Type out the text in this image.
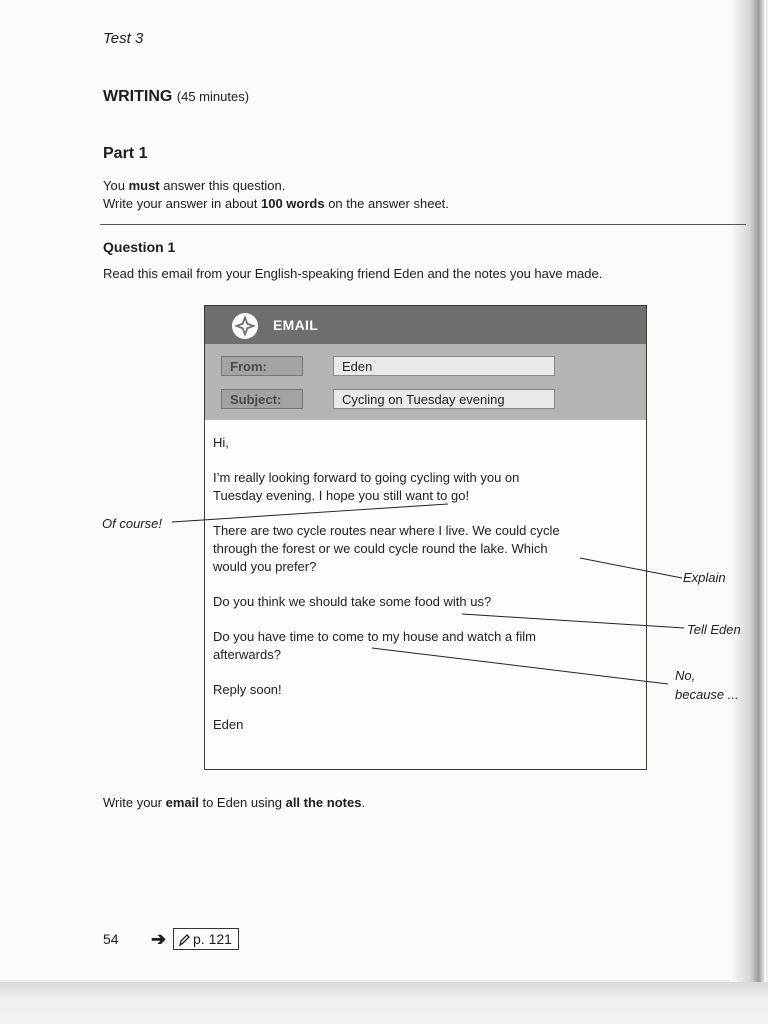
Test 3

WRITING (45 minutes)

Part 1

You must answer this question.
Write your answer in about 100 words on the answer sheet.

Question 1

Read this email from your English-speaking friend Eden and the notes you have made.

EMAIL
From:	Eden
Subject:	Cycling on Tuesday evening

Hi,

I’m really looking forward to going cycling with you on
Tuesday evening. I hope you still want to go!

There are two cycle routes near where I live. We could cycle
through the forest or we could cycle round the lake. Which
would you prefer?

Do you think we should take some food with us?

Do you have time to come to my house and watch a film
afterwards?

Reply soon!

Eden

Of course!
Explain
Tell Eden
No,
because ...

Write your email to Eden using all the notes.

54 ➔	p. 121
